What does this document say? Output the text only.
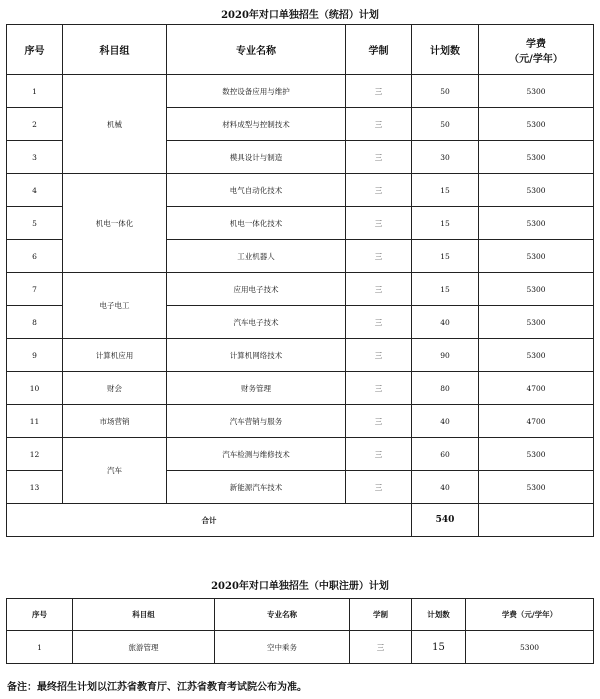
2020年对口单独招生（统招）计划
序号	科目组	专业名称	学制	计划数	学费
（元/学年）
1	机械	数控设备应用与维护	三	50	5300
2		材料成型与控制技术	三	50	5300
3		模具设计与制造	三	30	5300
4	机电一体化	电气自动化技术	三	15	5300
5		机电一体化技术	三	15	5300
6		工业机器人	三	15	5300
7	电子电工	应用电子技术	三	15	5300
8		汽车电子技术	三	40	5300
9	计算机应用	计算机网络技术	三	90	5300
10	财会	财务管理	三	80	4700
11	市场营销	汽车营销与服务	三	40	4700
12	汽车	汽车检测与维修技术	三	60	5300
13		新能源汽车技术	三	40	5300
合计				540	
2020年对口单独招生（中职注册）计划
序号	科目组	专业名称	学制	计划数	学费（元/学年）
1	旅游管理	空中乘务	三	15	5300
备注：最终招生计划以江苏省教育厅、江苏省教育考试院公布为准。
